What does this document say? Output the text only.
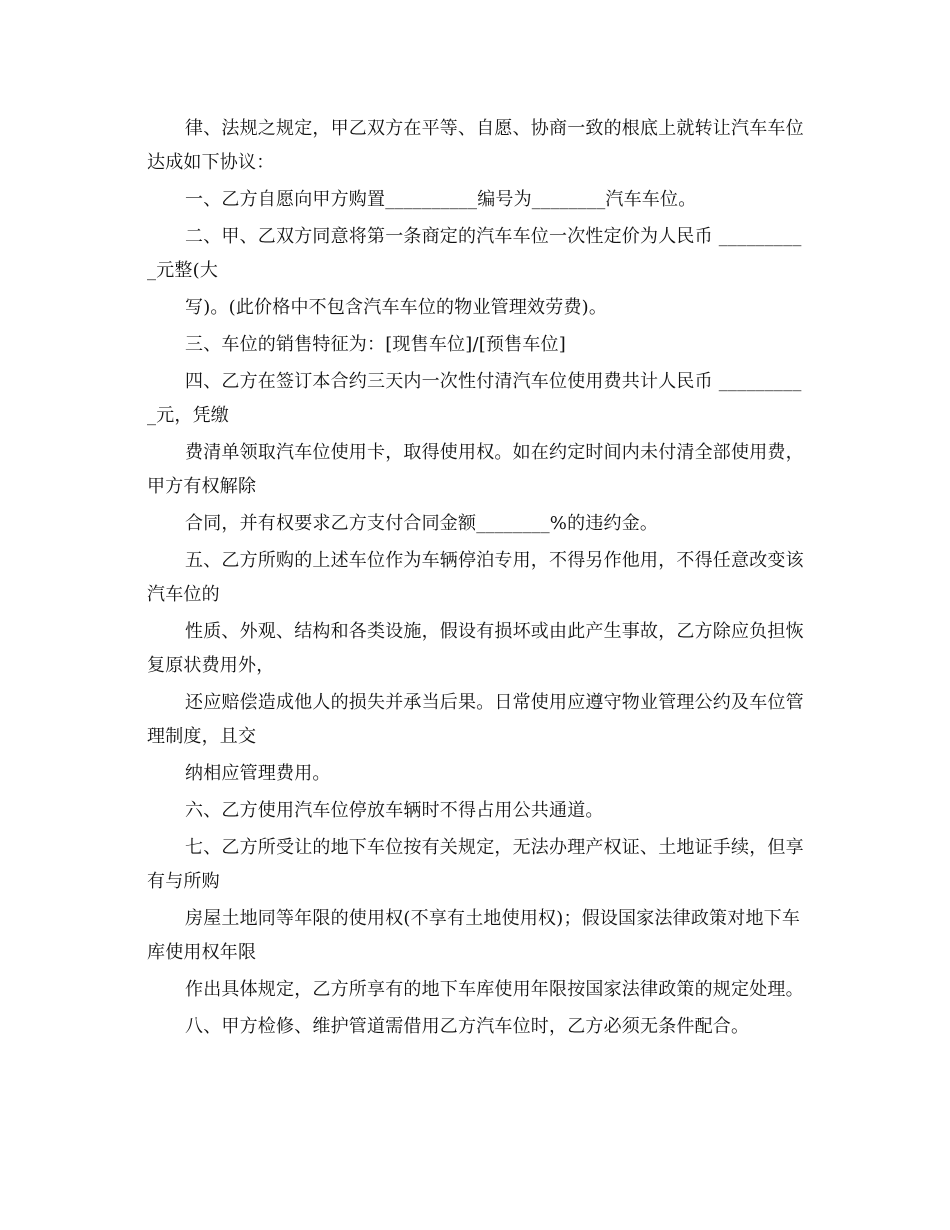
律、法规之规定，甲乙双方在平等、自愿、协商一致的根底上就转让汽车车位达成如下协议：

一、乙方自愿向甲方购置__________编号为________汽车车位。

二、甲、乙双方同意将第一条商定的汽车车位一次性定价为人民币 __________元整(大

写)。(此价格中不包含汽车车位的物业管理效劳费)。

三、车位的销售特征为：[现售车位]/[预售车位]

四、乙方在签订本合约三天内一次性付清汽车位使用费共计人民币 __________元，凭缴

费清单领取汽车位使用卡，取得使用权。如在约定时间内未付清全部使用费，甲方有权解除

合同，并有权要求乙方支付合同金额________%的违约金。

五、乙方所购的上述车位作为车辆停泊专用，不得另作他用，不得任意改变该汽车位的

性质、外观、结构和各类设施，假设有损坏或由此产生事故，乙方除应负担恢复原状费用外，

还应赔偿造成他人的损失并承当后果。日常使用应遵守物业管理公约及车位管理制度，且交

纳相应管理费用。

六、乙方使用汽车位停放车辆时不得占用公共通道。

七、乙方所受让的地下车位按有关规定，无法办理产权证、土地证手续，但享有与所购

房屋土地同等年限的使用权(不享有土地使用权)；假设国家法律政策对地下车库使用权年限

作出具体规定，乙方所享有的地下车库使用年限按国家法律政策的规定处理。

八、甲方检修、维护管道需借用乙方汽车位时，乙方必须无条件配合。
